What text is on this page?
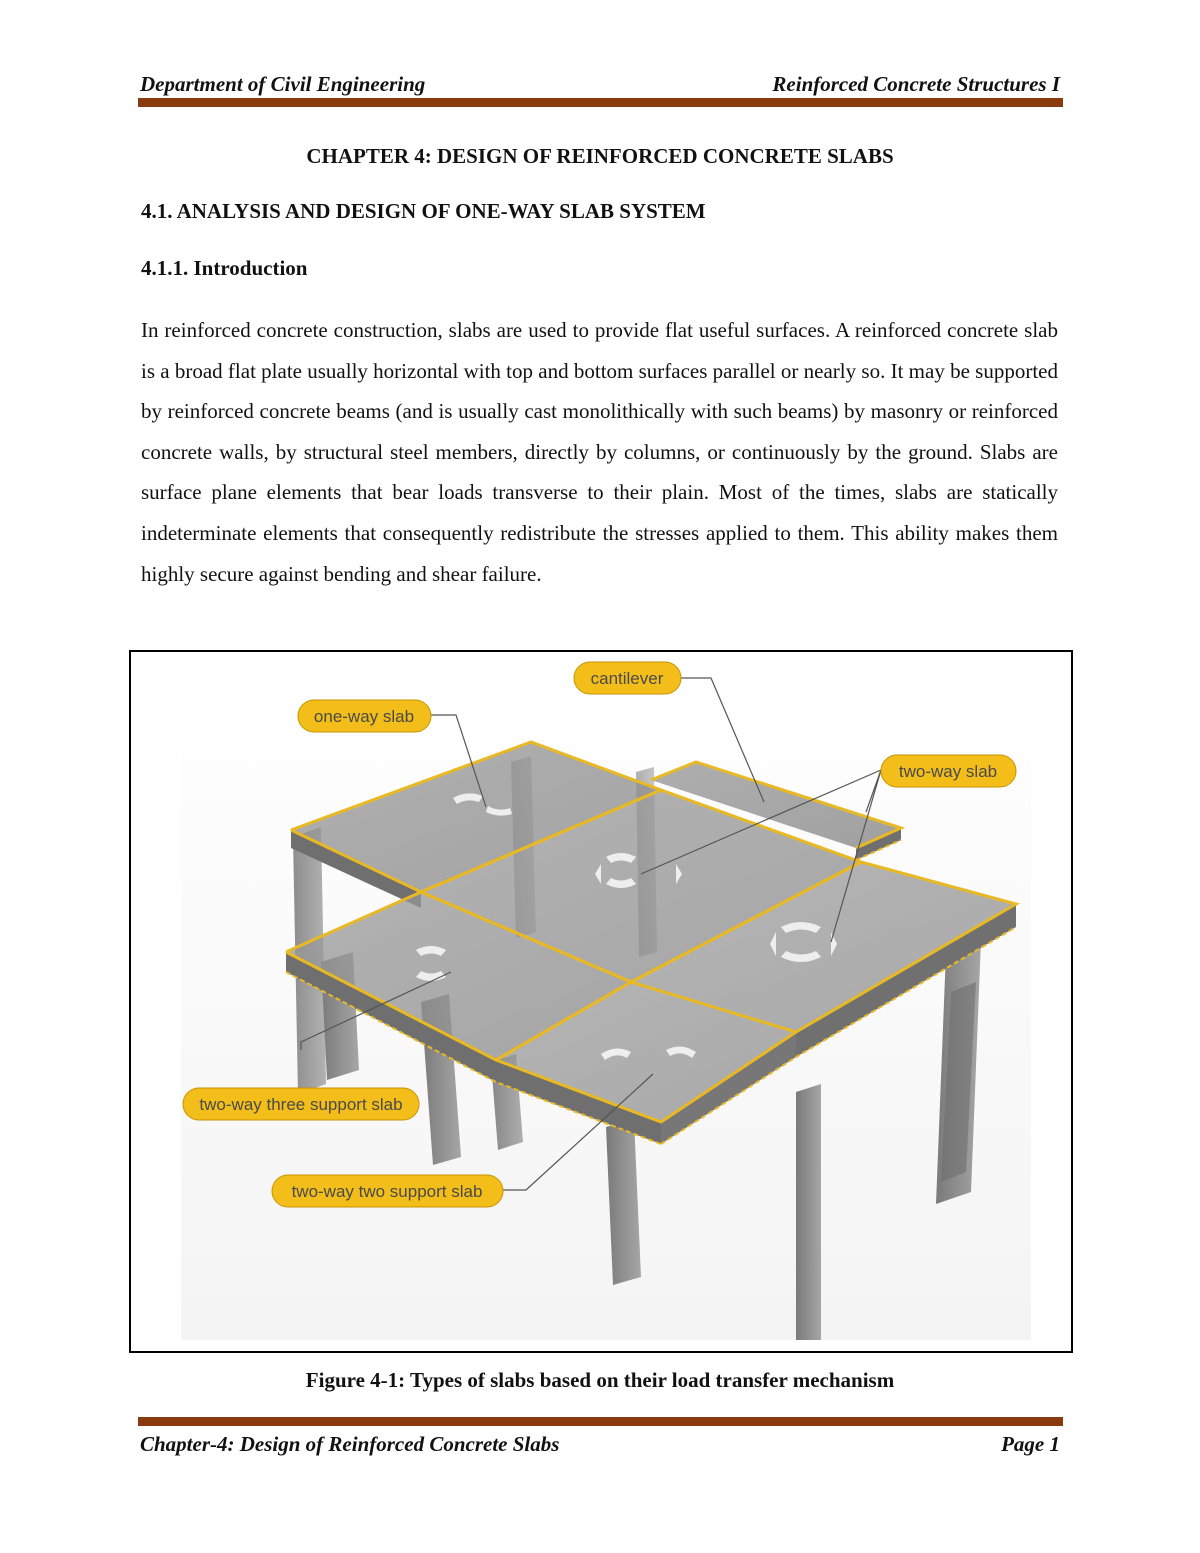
Department of Civil Engineering	Reinforced Concrete Structures I
CHAPTER 4: DESIGN OF REINFORCED CONCRETE SLABS
4.1. ANALYSIS AND DESIGN OF ONE-WAY SLAB SYSTEM
4.1.1. Introduction
In reinforced concrete construction, slabs are used to provide flat useful surfaces. A reinforced concrete slab is a broad flat plate usually horizontal with top and bottom surfaces parallel or nearly so. It may be supported by reinforced concrete beams (and is usually cast monolithically with such beams) by masonry or reinforced concrete walls, by structural steel members, directly by columns, or continuously by the ground. Slabs are surface plane elements that bear loads transverse to their plain. Most of the times, slabs are statically indeterminate elements that consequently redistribute the stresses applied to them. This ability makes them highly secure against bending and shear failure.
one-way slab
cantilever
two-way slab
two-way three support slab
two-way two support slab
Figure 4-1: Types of slabs based on their load transfer mechanism
Chapter-4: Design of Reinforced Concrete Slabs	Page 1
